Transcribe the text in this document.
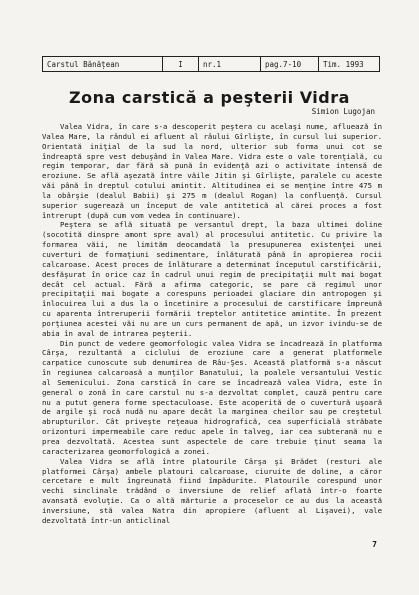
Carstul Bănățean	I	nr.1	pag.7-10	Tim. 1993
Zona carstică a peşterii Vidra
Simion Lugojan

Valea Vidra, în care s-a descoperit peştera cu acelaşi nume, afluează în Valea Mare, la rândul ei afluent al râului Gîrlişte, în cursul lui superior. Orientată iniţial de la sud la nord, ulterior sub forma unui cot se îndreaptă spre vest debuşând în Valea Mare. Vidra este o vale torenţială, cu regim temporar, dar fără să pună în evidenţă azi o activitate intensă de eroziune. Se află aşezată între văile Jitin şi Gîrlişte, paralele cu aceste văi până în dreptul cotului amintit. Altitudinea ei se menţine între 475 m la obârşie (dealul Babii) şi 275 m (dealul Rogan) la confluenţă. Cursul superior sugerează un început de vale antitetică al cărei proces a fost întrerupt (după cum vom vedea în continuare).

Peştera se află situată pe versantul drept, la baza ultimei doline (socotită dinspre amont spre aval) al procesului antitetic. Cu privire la formarea văii, ne limităm deocamdată la presupunerea existenţei unei cuverturi de formaţiuni sedimentare, înlăturată până în apropierea rocii calcaroase. Acest proces de înlăturare a determinat începutul carstificării, desfăşurat în orice caz în cadrul unui regim de precipitaţii mult mai bogat decât cel actual. Fără a afirma categoric, se pare că regimul unor precipitaţii mai bogate a corespuns perioadei glaciare din antropogen şi înlocuirea lui a dus la o încetinire a procesului de carstificare împreună cu aparenta întreruperii formării treptelor antitetice amintite. În prezent porţiunea acestei văi nu are un curs permanent de apă, un izvor ivindu-se de abia în aval de intrarea peşterii.

Din punct de vedere geomorfologic valea Vidra se încadrează în platforma Cârşa, rezultantă a ciclului de eroziune care a generat platformele carpatice cunoscute sub denumirea de Râu-Şes. Această platformă s-a născut în regiunea calcaroasă a munţilor Banatului, la poalele versantului Vestic al Semenicului. Zona carstică în care se încadrează valea Vidra, este în general o zonă în care carstul nu s-a dezvoltat complet, cauză pentru care nu a putut genera forme spectaculoase. Este acoperită de o cuvertură uşoară de argile şi rocă nudă nu apare decât la marginea cheilor sau pe creştetul abrupturilor. Cât priveşte reţeaua hidrografică, cea superficială străbate orizonturi impermeabile care reduc apele în talveg, iar cea subterană nu e prea dezvoltată. Acestea sunt aspectele de care trebuie ţinut seama la caracterizarea geomorfologică a zonei.

Valea Vidra se află între platourile Cârşa şi Brădet (resturi ale platformei Cârşa) ambele platouri calcaroase, ciuruite de doline, a căror cercetare e mult îngreunată fiind împădurite. Platourile corespund unor vechi sinclinale trădând o inversiune de relief aflată într-o foarte avansată evoluţie. Ca o altă mărturie a proceselor ce au dus la această inversiune, stă valea Natra din apropiere (afluent al Lişavei), vale dezvoltată într-un anticlinal

7
